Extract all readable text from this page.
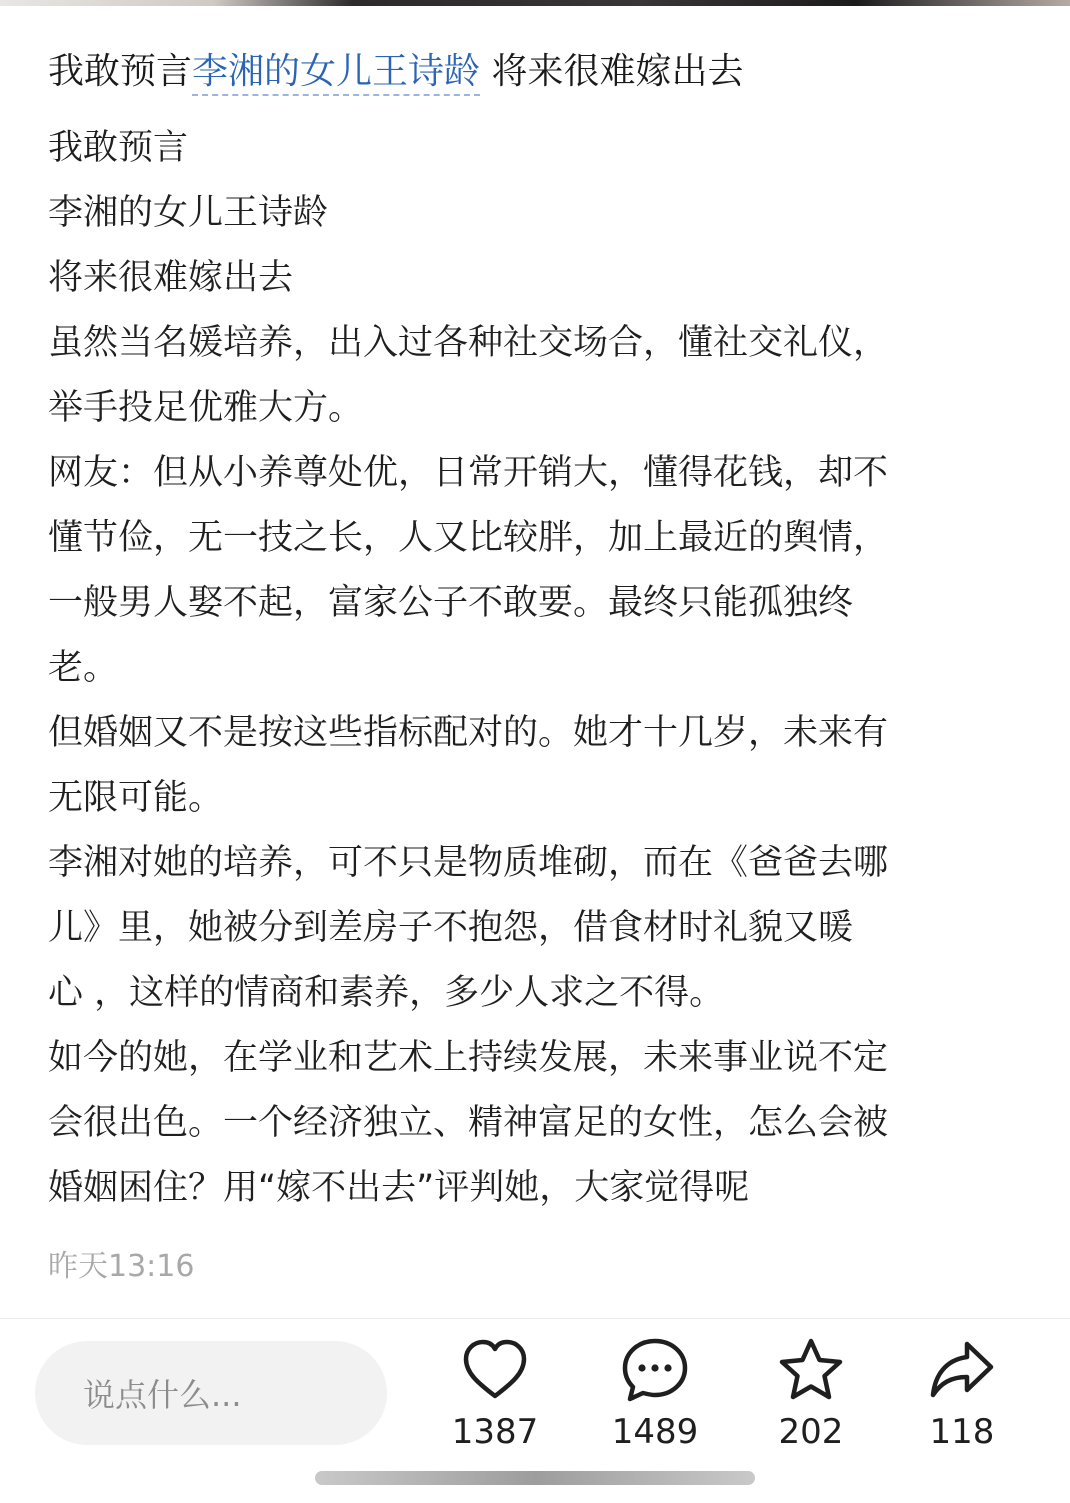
我敢预言李湘的女儿王诗龄 将来很难嫁出去
我敢预言
李湘的女儿王诗龄
将来很难嫁出去
虽然当名媛培养，出入过各种社交场合，懂社交礼仪，
举手投足优雅大方。
网友：但从小养尊处优，日常开销大，懂得花钱，却不
懂节俭，无一技之长，人又比较胖，加上最近的舆情，
一般男人娶不起，富家公子不敢要。最终只能孤独终
老。
但婚姻又不是按这些指标配对的。她才十几岁，未来有
无限可能。
李湘对她的培养，可不只是物质堆砌，而在《爸爸去哪
儿》里，她被分到差房子不抱怨，借食材时礼貌又暖
心 ，这样的情商和素养，多少人求之不得。
如今的她，在学业和艺术上持续发展，未来事业说不定
会很出色。一个经济独立、精神富足的女性，怎么会被
婚姻困住？用“嫁不出去”评判她，大家觉得呢
昨天13:16
说点什么...
1387	1489	202	118
